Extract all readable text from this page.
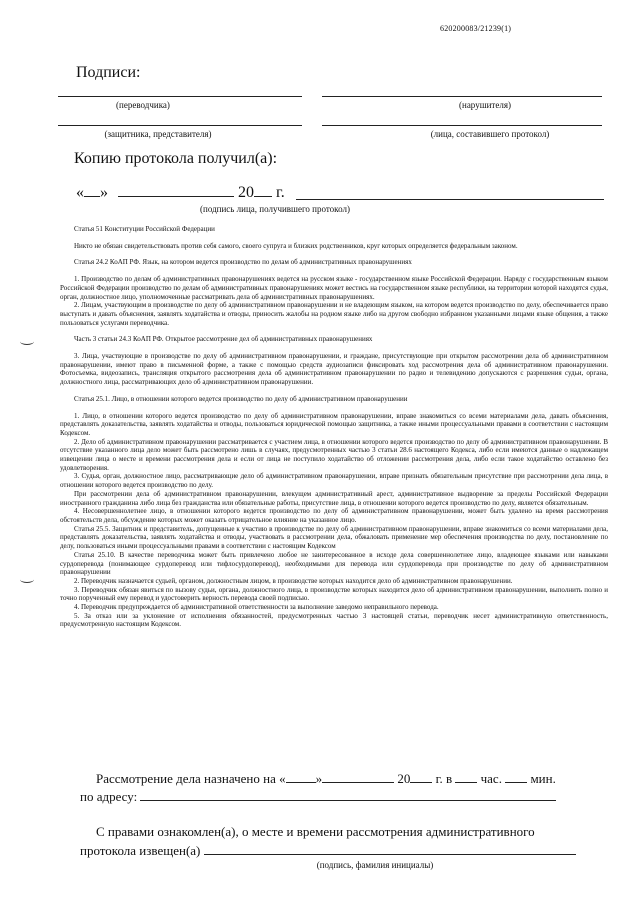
620200083/21239(1)
Подписи:
(переводчика)	(нарушителя)
(защитника, представителя)	(лица, составившего протокол)
Копию протокола получил(а):
« »	20 г.
(подпись лица, получившего протокол)

Статья 51 Конституции Российской Федерации

Никто не обязан свидетельствовать против себя самого, своего супруга и близких родственников, круг которых определяется федеральным законом.

Статья 24.2 КоАП РФ. Язык, на котором ведется производство по делам об административных правонарушениях

1. Производство по делам об административных правонарушениях ведется на русском языке - государственном языке Российской Федерации. Наряду с государственным языком Российской Федерации производство по делам об административных правонарушениях может вестись на государственном языке республики, на территории которой находятся судья, орган, должностное лицо, уполномоченные рассматривать дела об административных правонарушениях.

2. Лицам, участвующим в производстве по делу об административном правонарушении и не владеющим языком, на котором ведется производство по делу, обеспечивается право выступать и давать объяснения, заявлять ходатайства и отводы, приносить жалобы на родном языке либо на другом свободно избранном указанными лицами языке общения, а также пользоваться услугами переводчика.

Часть 3 статьи 24.3 КоАП РФ. Открытое рассмотрение дел об административных правонарушениях

3. Лица, участвующие в производстве по делу об административном правонарушении, и граждане, присутствующие при открытом рассмотрении дела об административном правонарушении, имеют право в письменной форме, а также с помощью средств аудиозаписи фиксировать ход рассмотрения дела об административном правонарушении. Фотосъемка, видеозапись, трансляция открытого рассмотрения дела об административном правонарушении по радио и телевидению допускаются с разрешения судьи, органа, должностного лица, рассматривающих дело об административном правонарушении.

Статья 25.1. Лицо, в отношении которого ведется производство по делу об административном правонарушении

1. Лицо, в отношении которого ведется производство по делу об административном правонарушении, вправе знакомиться со всеми материалами дела, давать объяснения, представлять доказательства, заявлять ходатайства и отводы, пользоваться юридической помощью защитника, а также иными процессуальными правами в соответствии с настоящим Кодексом.

2. Дело об административном правонарушении рассматривается с участием лица, в отношении которого ведется производство по делу об административном правонарушении. В отсутствие указанного лица дело может быть рассмотрено лишь в случаях, предусмотренных частью 3 статьи 28.6 настоящего Кодекса, либо если имеются данные о надлежащем извещении лица о месте и времени рассмотрения дела и если от лица не поступило ходатайство об отложении рассмотрения дела, либо если такое ходатайство оставлено без удовлетворения.

3. Судья, орган, должностное лицо, рассматривающие дело об административном правонарушении, вправе признать обязательным присутствие при рассмотрении дела лица, в отношении которого ведется производство по делу.

При рассмотрении дела об административном правонарушении, влекущем административный арест, административное выдворение за пределы Российской Федерации иностранного гражданина либо лица без гражданства или обязательные работы, присутствие лица, в отношении которого ведется производство по делу, является обязательным.

4. Несовершеннолетнее лицо, в отношении которого ведется производство по делу об административном правонарушении, может быть удалено на время рассмотрения обстоятельств дела, обсуждение которых может оказать отрицательное влияние на указанное лицо.

Статья 25.5. Защитник и представитель, допущенные к участию в производстве по делу об административном правонарушении, вправе знакомиться со всеми материалами дела, представлять доказательства, заявлять ходатайства и отводы, участвовать в рассмотрении дела, обжаловать применение мер обеспечения производства по делу, постановление по делу, пользоваться иными процессуальными правами в соответствии с настоящим Кодексом

Статья 25.10. В качестве переводчика может быть привлечено любое не заинтересованное в исходе дела совершеннолетнее лицо, владеющее языками или навыками сурдоперевода (понимающее сурдоперевод или тифлосурдоперевод), необходимыми для перевода или сурдоперевода при производстве по делу об административном правонарушении

2. Переводчик назначается судьей, органом, должностным лицом, в производстве которых находится дело об административном правонарушении.

3. Переводчик обязан явиться по вызову судьи, органа, должностного лица, в производстве которых находится дело об административном правонарушении, выполнить полно и точно порученный ему перевод и удостоверить верность перевода своей подписью.

4. Переводчик предупреждается об административной ответственности за выполнение заведомо неправильного перевода.

5. За отказ или за уклонение от исполнения обязанностей, предусмотренных частью 3 настоящей статьи, переводчик несет административную ответственность, предусмотренную настоящим Кодексом.

Рассмотрение дела назначено на « »	20 г. в час. мин.
по адресу:
С правами ознакомлен(а), о месте и времени рассмотрения административного
протокола извещен(а)
(подпись, фамилия инициалы)
